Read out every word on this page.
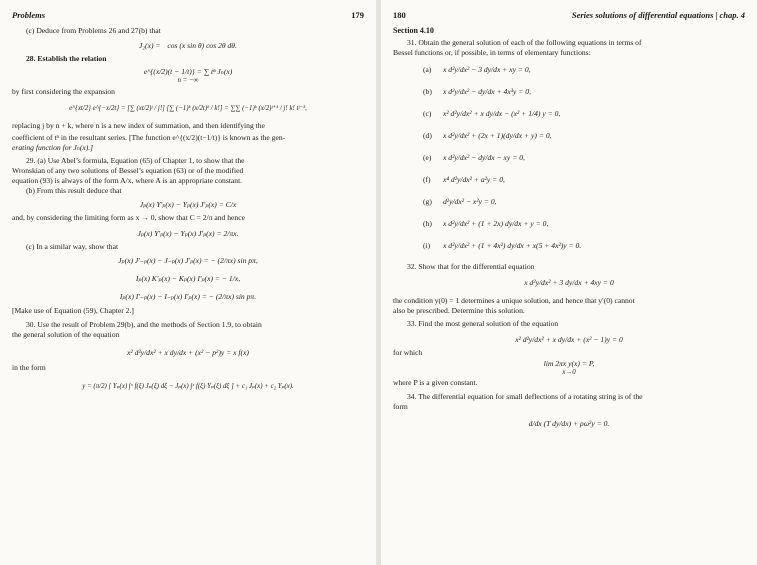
Problems	179
(c) Deduce from Problems 26 and 27(b) that
J₂(x) =    cos (x sin θ) cos 2θ dθ.
28. Establish the relation
e^{(x/2)(t − 1/t)} = ∑ tⁿ Jₙ(x)
n = −∞
by first considering the expansion
e^{xt/2} e^{−x/2t} = [∑ (xt/2)ʲ / j!] [∑ (−1)ᵏ (x/2t)ᵏ / k!] = ∑∑ (−1)ᵏ (x/2)ʲ⁺ᵏ / j! k! tʲ⁻ᵏ,
replacing j by n + k, where n is a new index of summation, and then identifying the
coefficient of tⁿ in the resultant series. [The function e^{(x/2)(t−1/t)} is known as the gen-
erating function for Jₙ(x).]
29. (a) Use Abel’s formula, Equation (65) of Chapter 1, to show that the
Wronskian of any two solutions of Bessel’s equation (63) or of the modified
equation (93) is always of the form A/x, where A is an appropriate constant.
(b) From this result deduce that
Jₚ(x) Y′ₚ(x) − Yₚ(x) J′ₚ(x) = C/x
and, by considering the limiting form as x → 0, show that C = 2/π and hence
Jₚ(x) Y′ₚ(x) − Yₚ(x) J′ₚ(x) = 2/πx.
(c) In a similar way, show that
Jₚ(x) J′₋ₚ(x) − J₋ₚ(x) J′ₚ(x) = − (2/πx) sin pπ,
Iₚ(x) K′ₚ(x) − Kₚ(x) I′ₚ(x) = − 1/x,
Iₚ(x) I′₋ₚ(x) − I₋ₚ(x) I′ₚ(x) = − (2/πx) sin pπ.
[Make use of Equation (59), Chapter 2.]
30. Use the result of Problem 29(b), and the methods of Section 1.9, to obtain
the general solution of the equation
x² d²y/dx² + x dy/dx + (x² − p²)y = x f(x)
in the form
y = (π/2) [ Yₚ(x) ∫ˣ f(ξ) Jₚ(ξ) dξ − Jₚ(x) ∫ˣ f(ξ) Yₚ(ξ) dξ ] + c₁ Jₚ(x) + c₂ Yₚ(x).
180	Series solutions of differential equations | chap. 4
Section 4.10
31. Obtain the general solution of each of the following equations in terms of
Bessel functions or, if possible, in terms of elementary functions:
(a) x d²y/dx² − 3 dy/dx + xy = 0,
(b) x d²y/dx² − dy/dx + 4x³y = 0,
(c) x² d²y/dx² + x dy/dx − (x² + 1/4) y = 0,
(d) x d²y/dx² + (2x + 1)(dy/dx + y) = 0,
(e) x d²y/dx² − dy/dx − xy = 0,
(f) x⁴ d²y/dx² + a²y = 0,
(g) d²y/dx² − x²y = 0,
(h) x d²y/dx² + (1 + 2x) dy/dx + y = 0,
(i) x d²y/dx² + (1 + 4x²) dy/dx + x(5 + 4x²)y = 0.
32. Show that for the differential equation
x d²y/dx² + 3 dy/dx + 4xy = 0
the condition y(0) = 1 determines a unique solution, and hence that y′(0) cannot
also be prescribed. Determine this solution.
33. Find the most general solution of the equation
x² d²y/dx² + x dy/dx + (x² − 1)y = 0
for which
lim 2πx y(x) = P,
x→0
where P is a given constant.
34. The differential equation for small deflections of a rotating string is of the
form
d/dx (T dy/dx) + ρω²y = 0.
